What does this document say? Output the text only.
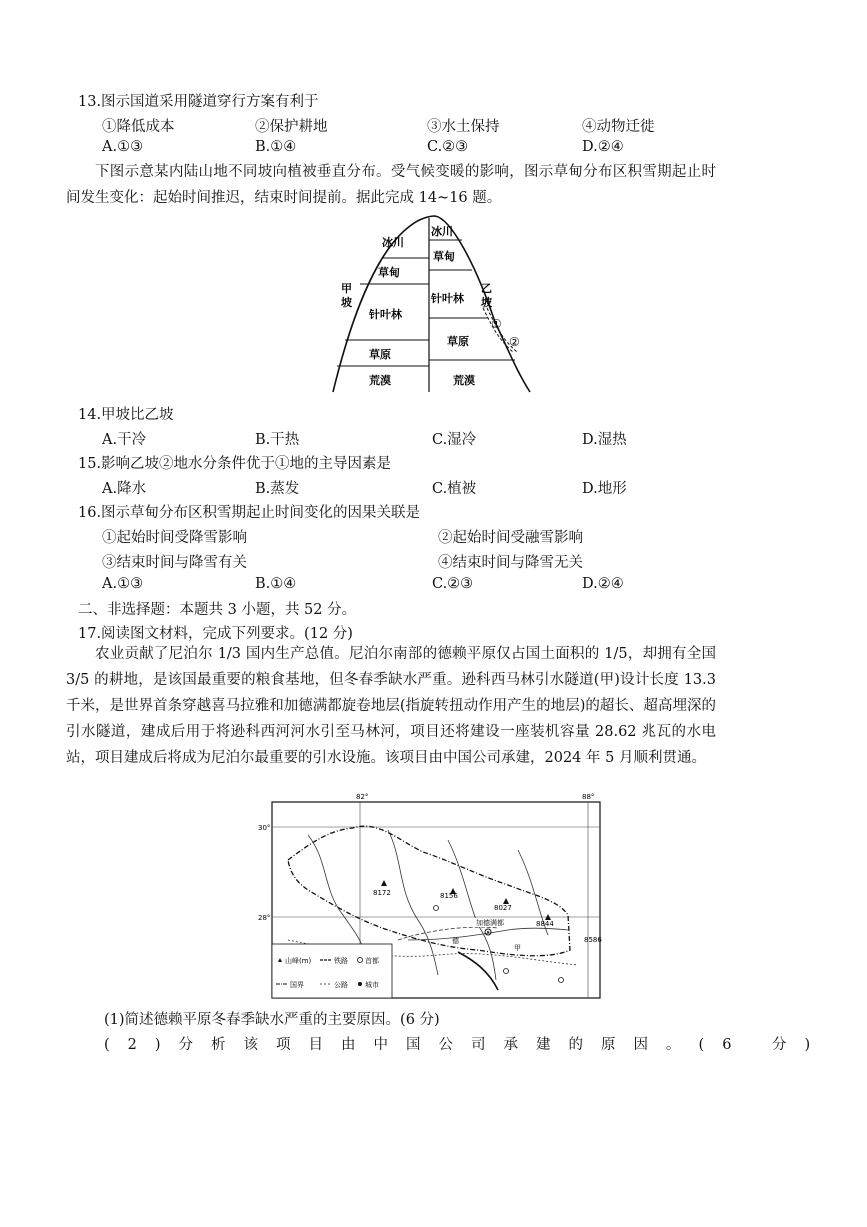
13.图示国道采用隧道穿行方案有利于
①降低成本	②保护耕地	③水土保持	④动物迁徙
A.①③	B.①④	C.②③	D.②④
下图示意某内陆山地不同坡向植被垂直分布。受气候变暖的影响，图示草甸分布区积雪期起止时间发生变化：起始时间推迟，结束时间提前。据此完成 14~16 题。
冰川
草甸
针叶林
草原
荒漠
冰川
草甸
针叶林
草原
荒漠
甲
坡
乙
坡
①
②
14.甲坡比乙坡
A.干冷	B.干热	C.湿冷	D.湿热
15.影响乙坡②地水分条件优于①地的主导因素是
A.降水	B.蒸发	C.植被	D.地形
16.图示草甸分布区积雪期起止时间变化的因果关联是
①起始时间受降雪影响	②起始时间受融雪影响
③结束时间与降雪有关	④结束时间与降雪无关
A.①③	B.①④	C.②③	D.②④
二、非选择题：本题共 3 小题，共 52 分。
17.阅读图文材料，完成下列要求。(12 分)
农业贡献了尼泊尔 1/3 国内生产总值。尼泊尔南部的德赖平原仅占国土面积的 1/5，却拥有全国 3/5 的耕地，是该国最重要的粮食基地，但冬春季缺水严重。逊科西马林引水隧道(甲)设计长度 13.3 千米，是世界首条穿越喜马拉雅和加德满都旋卷地层(指旋转扭动作用产生的地层)的超长、超高埋深的引水隧道，建成后用于将逊科西河河水引至马林河，项目还将建设一座装机容量 28.62 兆瓦的水电站，项目建成后将成为尼泊尔最重要的引水设施。该项目由中国公司承建，2024 年 5 月顺利贯通。
82°	88°
30°
28°
8172	8156
8027
8844
8586
加德满都
德
甲
山峰(m)	铁路 首都
国界	公路 城市
(1)简述德赖平原冬春季缺水严重的主要原因。(6 分)
(2)分析该项目由中国公司承建的原因。(6 分)
